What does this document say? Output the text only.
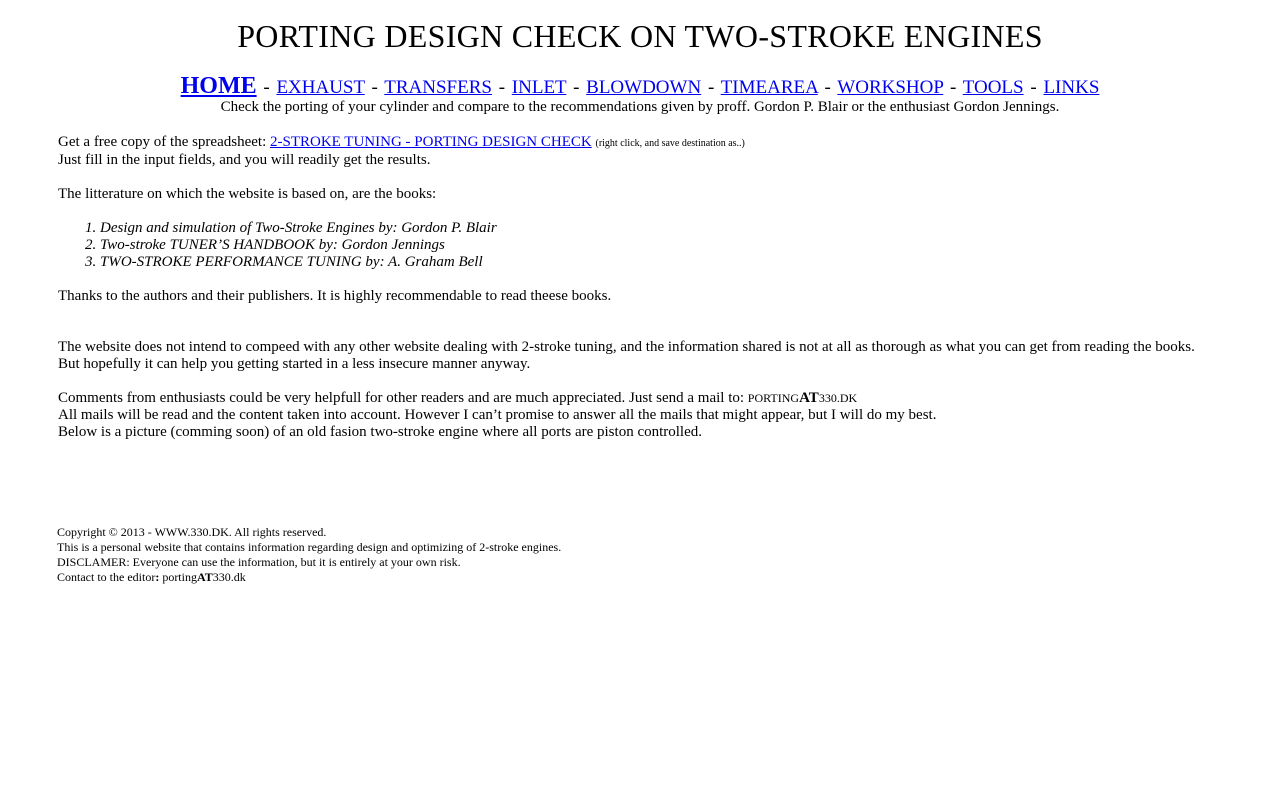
PORTING DESIGN CHECK ON TWO-STROKE ENGINES
HOME - EXHAUST - TRANSFERS - INLET - BLOWDOWN - TIMEAREA - WORKSHOP - TOOLS - LINKS
Check the porting of your cylinder and compare to the recommendations given by proff. Gordon P. Blair or the enthusiast Gordon Jennings.

Get a free copy of the spreadsheet: 2-STROKE TUNING - PORTING DESIGN CHECK (right click, and save destination as..)

Just fill in the input fields, and you will readily get the results.

The litterature on which the website is based on, are the books:

1. Design and simulation of Two-Stroke Engines by: Gordon P. Blair
2. Two-stroke TUNER’S HANDBOOK by: Gordon Jennings
3. TWO-STROKE PERFORMANCE TUNING by: A. Graham Bell

Thanks to the authors and their publishers. It is highly recommendable to read theese books.

The website does not intend to compeed with any other website dealing with 2-stroke tuning, and the information shared is not at all as thorough as what you can get from reading the books. But hopefully it can help you getting started in a less insecure manner anyway.

Comments from enthusiasts could be very helpfull for other readers and are much appreciated. Just send a mail to: PORTINGAT330.DK

All mails will be read and the content taken into account. However I can’t promise to answer all the mails that might appear, but I will do my best.

Below is a picture (comming soon) of an old fasion two-stroke engine where all ports are piston controlled.

Copyright © 2013 - WWW.330.DK. All rights reserved.

This is a personal website that contains information regarding design and optimizing of 2-stroke engines.

DISCLAMER: Everyone can use the information, but it is entirely at your own risk.

Contact to the editor: portingAT330.dk
